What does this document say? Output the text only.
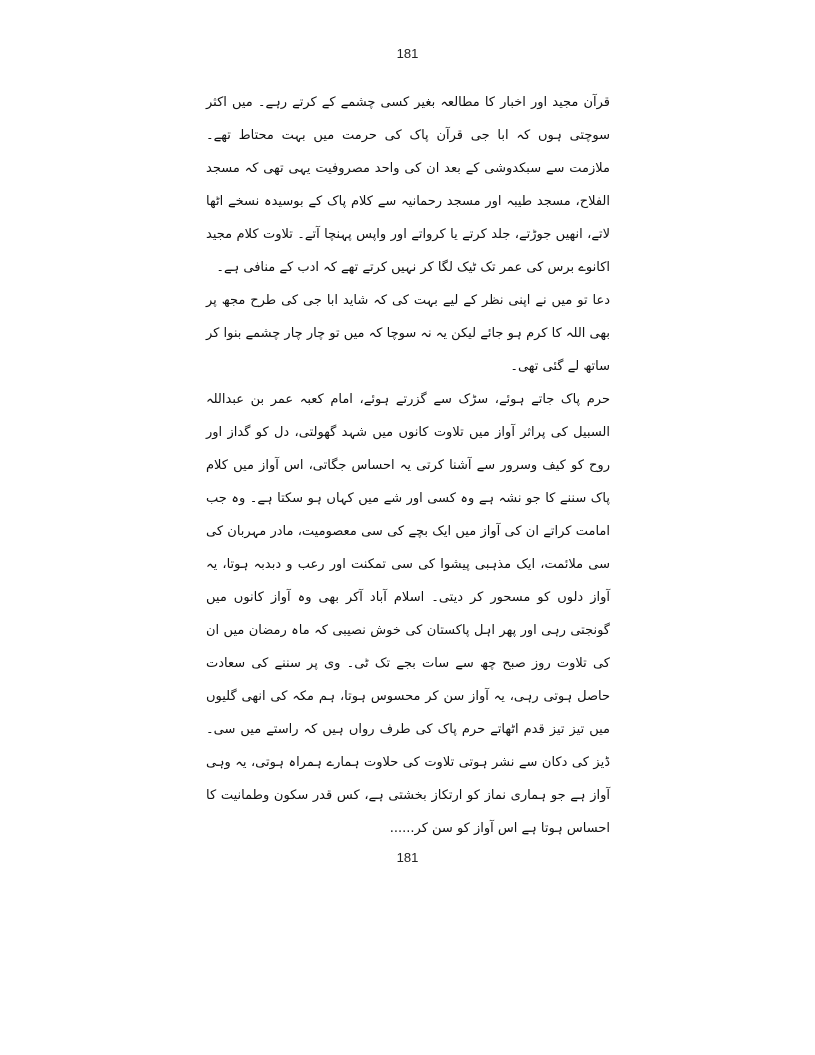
181

قرآن مجید اور اخبار کا مطالعہ بغیر کسی چشمے کے کرتے رہے۔ میں اکثر سوچتی ہوں کہ ابا جی قرآن پاک کی حرمت میں بہت محتاط تھے۔ ملازمت سے سبکدوشی کے بعد ان کی واحد مصروفیت یہی تھی کہ مسجد الفلاح، مسجد طیبہ اور مسجد رحمانیہ سے کلام پاک کے بوسیدہ نسخے اٹھا لاتے، انھیں جوڑتے، جلد کرتے یا کرواتے اور واپس پہنچا آتے۔ تلاوت کلام مجید اکانوے برس کی عمر تک ٹیک لگا کر نہیں کرتے تھے کہ ادب کے منافی ہے۔

دعا تو میں نے اپنی نظر کے لیے بہت کی کہ شاید ابا جی کی طرح مجھ پر بھی اللہ کا کرم ہو جائے لیکن یہ نہ سوچا کہ میں تو چار چار چشمے بنوا کر ساتھ لے گئی تھی۔

حرم پاک جاتے ہوئے، سڑک سے گزرتے ہوئے، امام کعبہ عمر بن عبداللہ السبیل کی پراثر آواز میں تلاوت کانوں میں شہد گھولتی، دل کو گداز اور روح کو کیف وسرور سے آشنا کرتی یہ احساس جگاتی، اس آواز میں کلام پاک سننے کا جو نشہ ہے وہ کسی اور شے میں کہاں ہو سکتا ہے۔ وہ جب امامت کراتے ان کی آواز میں ایک بچے کی سی معصومیت، مادر مہربان کی سی ملائمت، ایک مذہبی پیشوا کی سی تمکنت اور رعب و دبدبہ ہوتا، یہ آواز دلوں کو مسحور کر دیتی۔ اسلام آباد آکر بھی وہ آواز کانوں میں گونجتی رہی اور پھر اہل پاکستان کی خوش نصیبی کہ ماہ رمضان میں ان کی تلاوت روز صبح چھ سے سات بجے تک ٹی۔ وی پر سننے کی سعادت حاصل ہوتی رہی، یہ آواز سن کر محسوس ہوتا، ہم مکہ کی انھی گلیوں میں تیز تیز قدم اٹھاتے حرم پاک کی طرف رواں ہیں کہ راستے میں سی۔ ڈیز کی دکان سے نشر ہوتی تلاوت کی حلاوت ہمارے ہمراہ ہوتی، یہ وہی آواز ہے جو ہماری نماز کو ارتکاز بخشتی ہے، کس قدر سکون وطمانیت کا احساس ہوتا ہے اس آواز کو سن کر......

181
